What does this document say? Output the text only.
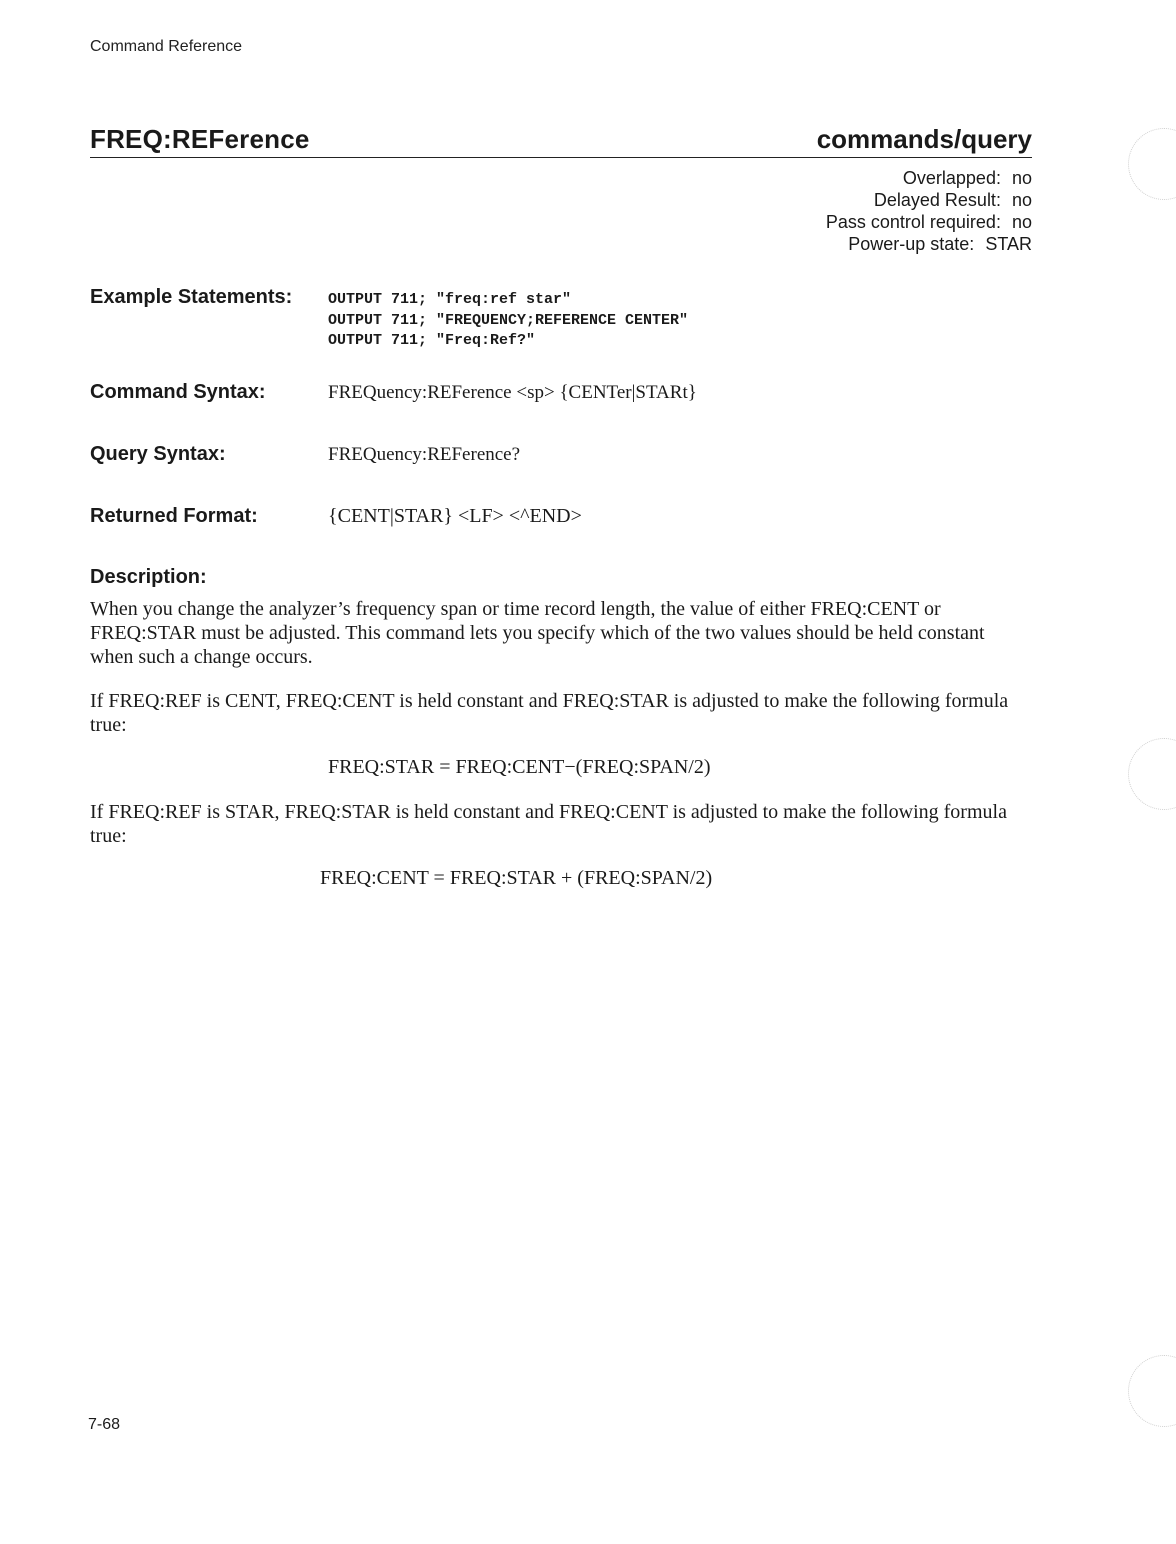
Command Reference
FREQ:REFerence	commands/query
Overlapped: no
Delayed Result: no
Pass control required: no
Power-up state: STAR
Example Statements: OUTPUT 711; "freq:ref star"
OUTPUT 711; "FREQUENCY;REFERENCE CENTER"
OUTPUT 711; "Freq:Ref?"
Command Syntax:	FREQuency:REFerence <sp> {CENTer|STARt}
Query Syntax:	FREQuency:REFerence?
Returned Format:	{CENT|STAR} <LF> <^END>
Description:
When you change the analyzer’s frequency span or time record length, the value of either FREQ:CENT or FREQ:STAR must be adjusted. This command lets you specify which of the two values should be held constant when such a change occurs.
If FREQ:REF is CENT, FREQ:CENT is held constant and FREQ:STAR is adjusted to make the following formula true:
FREQ:STAR = FREQ:CENT−(FREQ:SPAN/2)
If FREQ:REF is STAR, FREQ:STAR is held constant and FREQ:CENT is adjusted to make the following formula true:
FREQ:CENT = FREQ:STAR + (FREQ:SPAN/2)
7-68
